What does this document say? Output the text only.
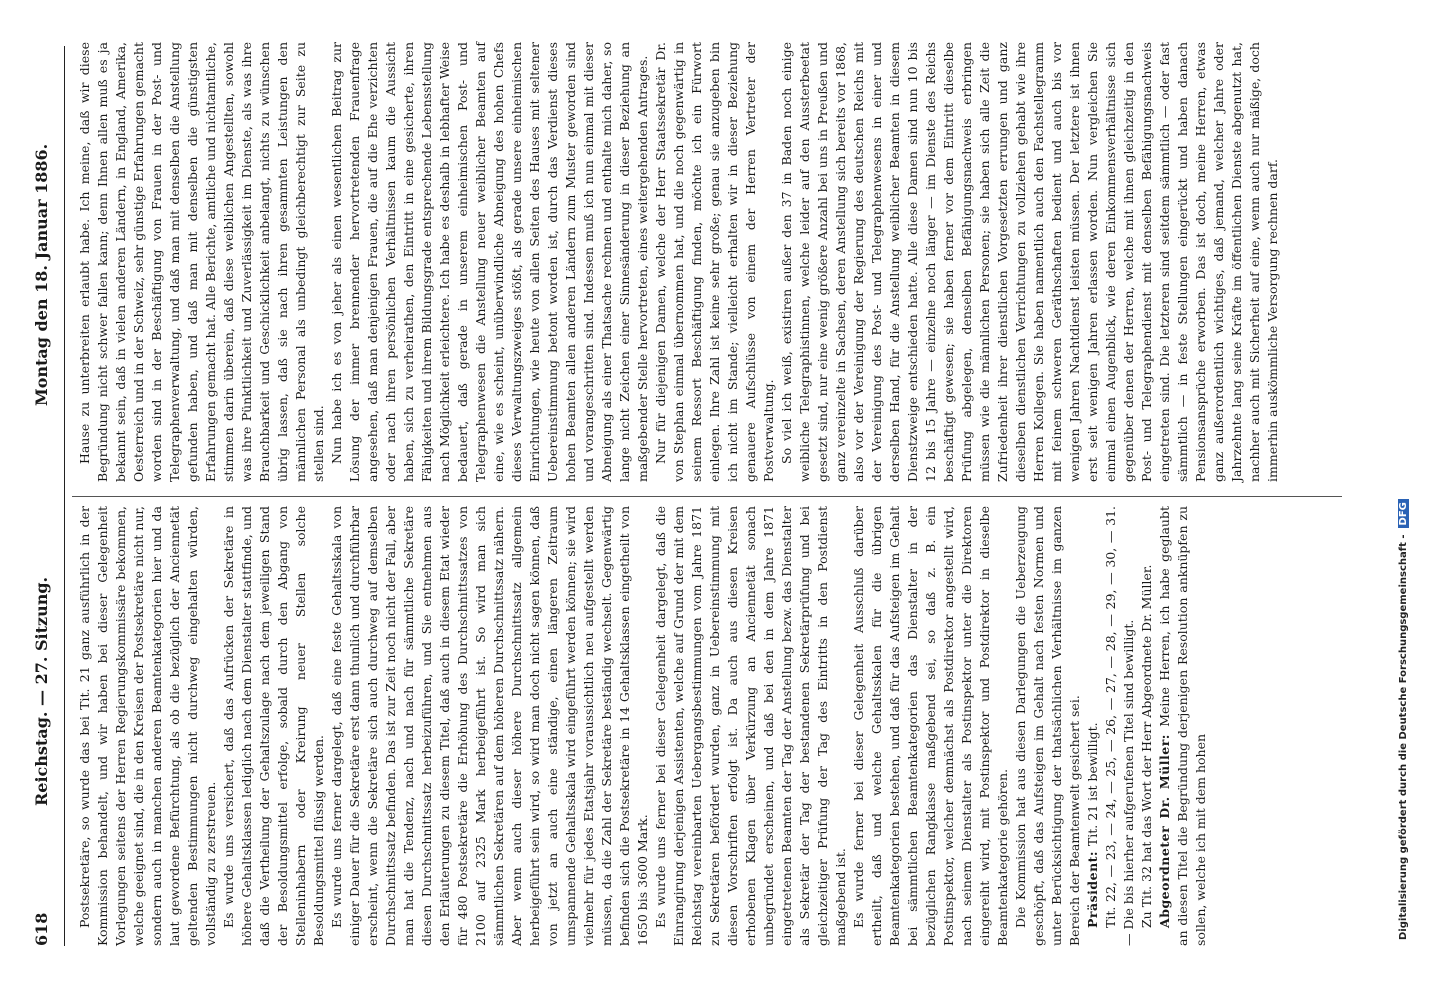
618
Reichstag. — 27. Sitzung.
Montag den 18. Januar 1886.

Postsekretäre, so wurde das bei Tit. 21 ganz ausführlich in der Kommission behandelt, und wir haben bei dieser Gelegenheit Vorlegungen seitens der Herren Regierungskommissäre bekommen, welche geeignet sind, die in den Kreisen der Postsekretäre nicht nur, sondern auch in manchen anderen Beamtenkategorien hier und da laut gewordene Befürchtung, als ob die bezüglich der Anciennetät geltenden Bestimmungen nicht durchweg eingehalten würden, vollständig zu zerstreuen. Es wurde uns versichert, daß das Aufrücken der Sekretäre in höhere Gehaltsklassen lediglich nach dem Dienstalter stattfinde, und daß die Vertheilung der Gehaltszulage nach dem jeweiligen Stand der Besoldungsmittel erfolge, sobald durch den Abgang von Stelleninhabern oder Kreirung neuer Stellen solche Besoldungsmittel flüssig werden. Es wurde uns ferner dargelegt, daß eine feste Gehaltsskala von einiger Dauer für die Sekretäre erst dann thunlich und durchführbar erscheint, wenn die Sekretäre sich auch durchweg auf demselben Durchschnittssatz befinden. Das ist zur Zeit noch nicht der Fall, aber man hat die Tendenz, nach und nach für sämmtliche Sekretäre diesen Durchschnittssatz herbeizuführen, und Sie entnehmen aus den Erläuterungen zu diesem Titel, daß auch in diesem Etat wieder für 480 Postsekretäre die Erhöhung des Durchschnittssatzes von 2100 auf 2325 Mark herbeigeführt ist. So wird man sich sämmtlichen Sekretären auf dem höheren Durchschnittssatz nähern. Aber wenn auch dieser höhere Durchschnittssatz allgemein herbeigeführt sein wird, so wird man doch nicht sagen können, daß von jetzt an auch eine ständige, einen längeren Zeitraum umspannende Gehaltsskala wird eingeführt werden können; sie wird vielmehr für jedes Etatsjahr voraussichtlich neu aufgestellt werden müssen, da die Zahl der Sekretäre beständig wechselt. Gegenwärtig befinden sich die Postsekretäre in 14 Gehaltsklassen eingetheilt von 1650 bis 3600 Mark. Es wurde uns ferner bei dieser Gelegenheit dargelegt, daß die Einrangirung derjenigen Assistenten, welche auf Grund der mit dem Reichstag vereinbarten Uebergangsbestimmungen vom Jahre 1871 zu Sekretären befördert wurden, ganz in Uebereinstimmung mit diesen Vorschriften erfolgt ist. Da auch aus diesen Kreisen erhobenen Klagen über Verkürzung an Anciennetät sonach unbegründet erscheinen, und daß bei den in dem Jahre 1871 eingetretenen Beamten der Tag der Anstellung bezw. das Dienstalter als Sekretär der Tag der bestandenen Sekretärprüfung und bei gleichzeitiger Prüfung der Tag des Eintritts in den Postdienst maßgebend ist. Es wurde ferner bei dieser Gelegenheit Ausschluß darüber ertheilt, daß und welche Gehaltsskalen für die übrigen Beamtenkategorien bestehen, und daß für das Aufsteigen im Gehalt bei sämmtlichen Beamtenkategorien das Dienstalter in der bezüglichen Rangklasse maßgebend sei, so daß z. B. ein Postinspektor, welcher demnächst als Postdirektor angestellt wird, nach seinem Dienstalter als Postinspektor unter die Direktoren eingereiht wird, mit Postinspektor und Postdirektor in dieselbe Beamtenkategorie gehören. Die Kommission hat aus diesen Darlegungen die Ueberzeugung geschöpft, daß das Aufsteigen im Gehalt nach festen Normen und unter Berücksichtigung der thatsächlichen Verhältnisse im ganzen Bereich der Beamtenwelt gesichert sei. Präsident: Tit. 21 ist bewilligt. Tit. 22, — 23, — 24, — 25, — 26, — 27, — 28, — 29, — 30, — 31. — Die bis hierher aufgerufenen Titel sind bewilligt. Zu Tit. 32 hat das Wort der Herr Abgeordnete Dr. Müller. Abgeordneter Dr. Müller: Meine Herren, ich habe geglaubt an diesen Titel die Begründung derjenigen Resolution anknüpfen zu sollen, welche ich mit dem hohen

Hause zu unterbreiten erlaubt habe. Ich meine, daß wir diese Begründung nicht schwer fallen kann; denn Ihnen allen muß es ja bekannt sein, daß in vielen anderen Ländern, in England, Amerika, Oesterreich und in der Schweiz, sehr günstige Erfahrungen gemacht worden sind in der Beschäftigung von Frauen in der Post- und Telegraphenverwaltung, und daß man mit denselben die Anstellung gefunden haben, und daß man mit denselben die günstigsten Erfahrungen gemacht hat. Alle Berichte, amtliche und nichtamtliche, stimmen darin überein, daß diese weiblichen Angestellten, sowohl was ihre Pünktlichkeit und Zuverlässigkeit im Dienste, als was ihre Brauchbarkeit und Geschicklichkeit anbelangt, nichts zu wünschen übrig lassen, daß sie nach ihren gesammten Leistungen den männlichen Personal als unbedingt gleichberechtigt zur Seite zu stellen sind. Nun habe ich es von jeher als einen wesentlichen Beitrag zur Lösung der immer brennender hervortretenden Frauenfrage angesehen, daß man denjenigen Frauen, die auf die Ehe verzichten oder nach ihren persönlichen Verhältnissen kaum die Aussicht haben, sich zu verheirathen, den Eintritt in eine gesicherte, ihren Fähigkeiten und ihrem Bildungsgrade entsprechende Lebensstellung nach Möglichkeit erleichtere. Ich habe es deshalb in lebhafter Weise bedauert, daß gerade in unserem einheimischen Post- und Telegraphenwesen die Anstellung neuer weiblicher Beamten auf eine, wie es scheint, unüberwindliche Abneigung des hohen Chefs dieses Verwaltungszweiges stößt, als gerade unsere einheimischen Einrichtungen, wie heute von allen Seiten des Hauses mit seltener Uebereinstimmung betont worden ist, durch das Verdienst dieses hohen Beamten allen anderen Ländern zum Muster geworden sind und vorangeschritten sind. Indessen muß ich nun einmal mit dieser Abneigung als einer Thatsache rechnen und enthalte mich daher, so lange nicht Zeichen einer Sinnesänderung in dieser Beziehung an maßgebender Stelle hervortreten, eines weitergehenden Antrages. Nur für diejenigen Damen, welche der Herr Staatssekretär Dr. von Stephan einmal übernommen hat, und die noch gegenwärtig in seinem Ressort Beschäftigung finden, möchte ich ein Fürwort einlegen. Ihre Zahl ist keine sehr große; genau sie anzugeben bin ich nicht im Stande; vielleicht erhalten wir in dieser Beziehung genauere Aufschlüsse von einem der Herren Vertreter der Postverwaltung. So viel ich weiß, existiren außer den 37 in Baden noch einige weibliche Telegraphistinnen, welche leider auf den Aussterbeetat gesetzt sind, nur eine wenig größere Anzahl bei uns in Preußen und ganz vereinzelte in Sachsen, deren Anstellung sich bereits vor 1868, also vor der Vereinigung der Regierung des deutschen Reichs mit der Vereinigung des Post- und Telegraphenwesens in einer und derselben Hand, für die Anstellung weiblicher Beamten in diesem Dienstzweige entschieden hatte. Alle diese Damen sind nun 10 bis 12 bis 15 Jahre — einzelne noch länger — im Dienste des Reichs beschäftigt gewesen; sie haben ferner vor dem Eintritt dieselbe Prüfung abgelegen, denselben Befähigungsnachweis erbringen müssen wie die männlichen Personen; sie haben sich alle Zeit die Zufriedenheit ihrer dienstlichen Vorgesetzten errungen und ganz dieselben dienstlichen Verrichtungen zu vollziehen gehabt wie ihre Herren Kollegen. Sie haben namentlich auch den Fachstellegramm mit feinem schweren Geräthschaften bedient und auch bis vor wenigen Jahren Nachtdienst leisten müssen. Der letztere ist ihnen erst seit wenigen Jahren erlassen worden. Nun vergleichen Sie einmal einen Augenblick, wie deren Einkommensverhältnisse sich gegenüber denen der Herren, welche mit ihnen gleichzeitig in den Post- und Telegraphendienst mit denselben Befähigungsnachweis eingetreten sind. Die letzteren sind seitdem sämmtlich — oder fast sämmtlich — in feste Stellungen eingerückt und haben danach Pensionsansprüche erworben. Das ist doch, meine Herren, etwas ganz außerordentlich wichtiges, daß jemand, welcher Jahre oder Jahrzehnte lang seine Kräfte im öffentlichen Dienste abgenutzt hat, nachher auch mit Sicherheit auf eine, wenn auch nur mäßige, doch immerhin auskömmliche Versorgung rechnen darf.

Digitalisierung gefördert durch die Deutsche Forschungsgemeinschaft -DFG
